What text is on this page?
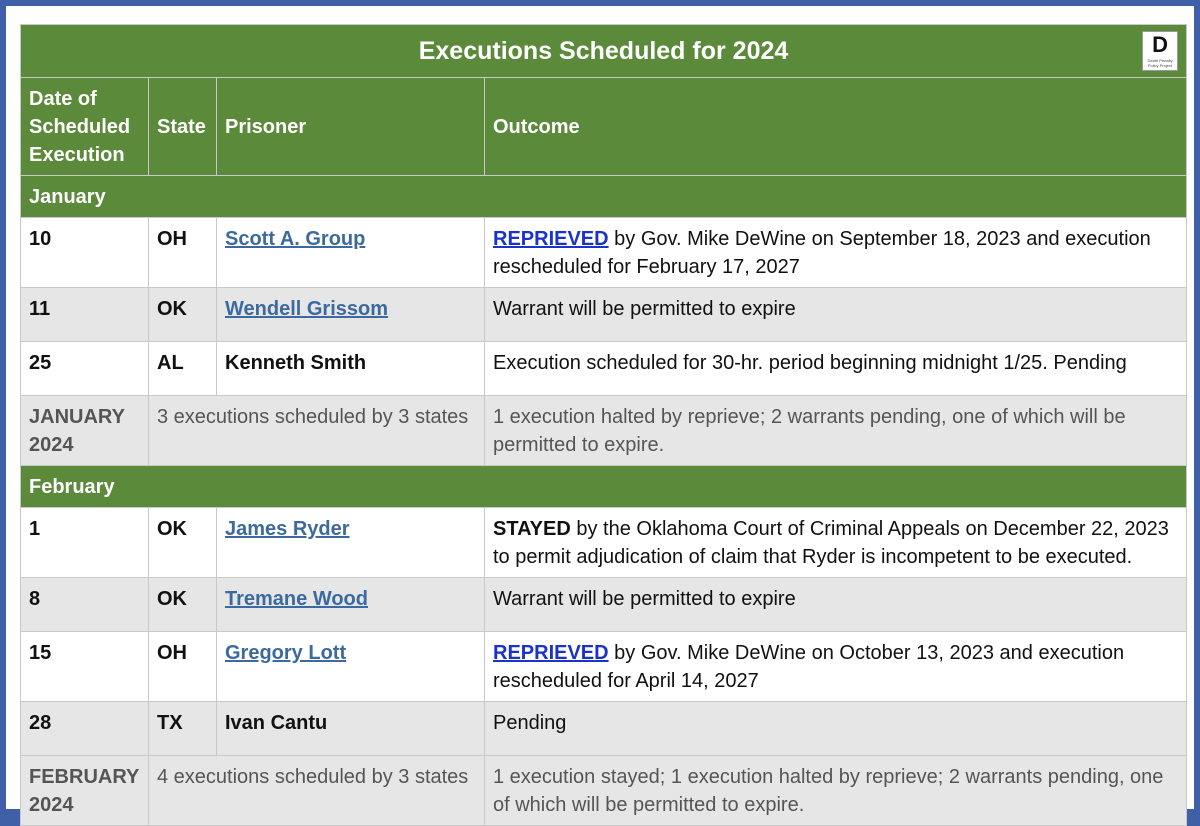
Executions Scheduled for 2024 D
Death Penalty Policy Project			

Date of Scheduled Execution	State	Prisoner	Outcome
January			
10	OH	Scott A. Group	REPRIEVED by Gov. Mike DeWine on September 18, 2023 and execution rescheduled for February 17, 2027
11	OK	Wendell Grissom	Warrant will be permitted to expire
25	AL	Kenneth Smith	Execution scheduled for 30-hr. period beginning midnight 1/25. Pending
JANUARY 2024	3 executions scheduled by 3 states		1 execution halted by reprieve; 2 warrants pending, one of which will be permitted to expire.
February			
1	OK	James Ryder	STAYED by the Oklahoma Court of Criminal Appeals on December 22, 2023 to permit adjudication of claim that Ryder is incompetent to be executed.
8	OK	Tremane Wood	Warrant will be permitted to expire
15	OH	Gregory Lott	REPRIEVED by Gov. Mike DeWine on October 13, 2023 and execution rescheduled for April 14, 2027
28	TX	Ivan Cantu	Pending
FEBRUARY 2024	4 executions scheduled by 3 states		1 execution stayed; 1 execution halted by reprieve; 2 warrants pending, one of which will be permitted to expire.
